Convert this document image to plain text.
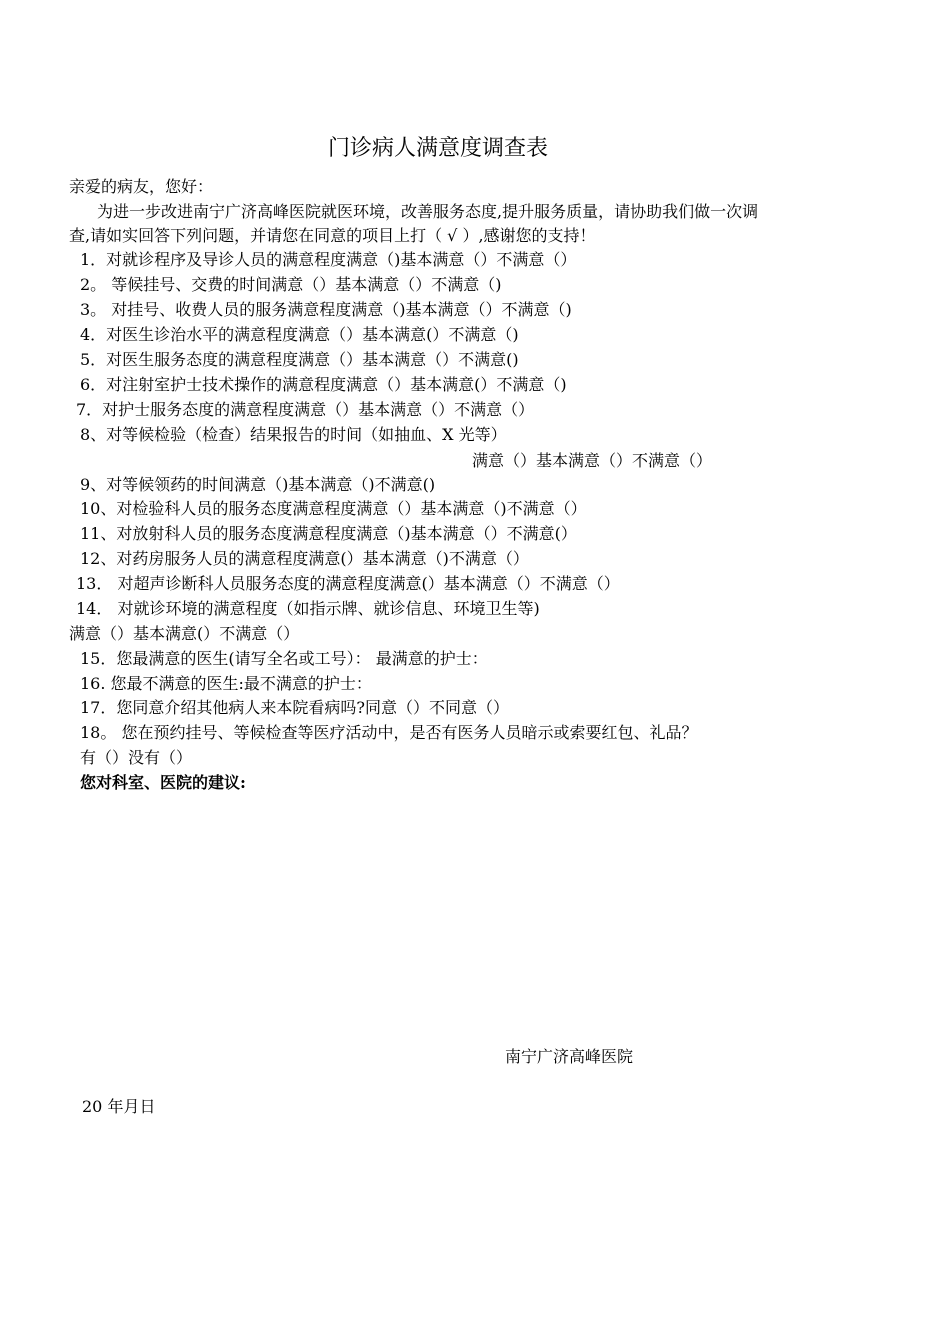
门诊病人满意度调查表
亲爱的病友，您好：
为进一步改进南宁广济高峰医院就医环境，改善服务态度,提升服务质量，请协助我们做一次调
查,请如实回答下列问题，并请您在同意的项目上打（ √ ）,感谢您的支持！
1．对就诊程序及导诊人员的满意程度满意（)基本满意（）不满意（）
2。 等候挂号、交费的时间满意（）基本满意（）不满意（)
3。 对挂号、收费人员的服务满意程度满意（)基本满意（）不满意（)
4．对医生诊治水平的满意程度满意（）基本满意(）不满意（)
5．对医生服务态度的满意程度满意（）基本满意（）不满意()
6．对注射室护士技术操作的满意程度满意（）基本满意(）不满意（)
7．对护士服务态度的满意程度满意（）基本满意（）不满意（）
8、对等候检验（检查）结果报告的时间（如抽血、X 光等）
满意（）基本满意（）不满意（）
9、对等候领药的时间满意（)基本满意（)不满意()
10、对检验科人员的服务态度满意程度满意（）基本满意（)不满意（）
11、对放射科人员的服务态度满意程度满意（)基本满意（）不满意(）
12、对药房服务人员的满意程度满意(）基本满意（)不满意（）
13． 对超声诊断科人员服务态度的满意程度满意(）基本满意（）不满意（）
14． 对就诊环境的满意程度（如指示牌、就诊信息、环境卫生等)
满意（）基本满意(）不满意（）
15．您最满意的医生(请写全名或工号）： 最满意的护士：
16. 您最不满意的医生:最不满意的护士：
17．您同意介绍其他病人来本院看病吗?同意（）不同意（）
18。 您在预约挂号、等候检查等医疗活动中，是否有医务人员暗示或索要红包、礼品？
有（）没有（）
您对科室、医院的建议:
南宁广济高峰医院
20 年月日
